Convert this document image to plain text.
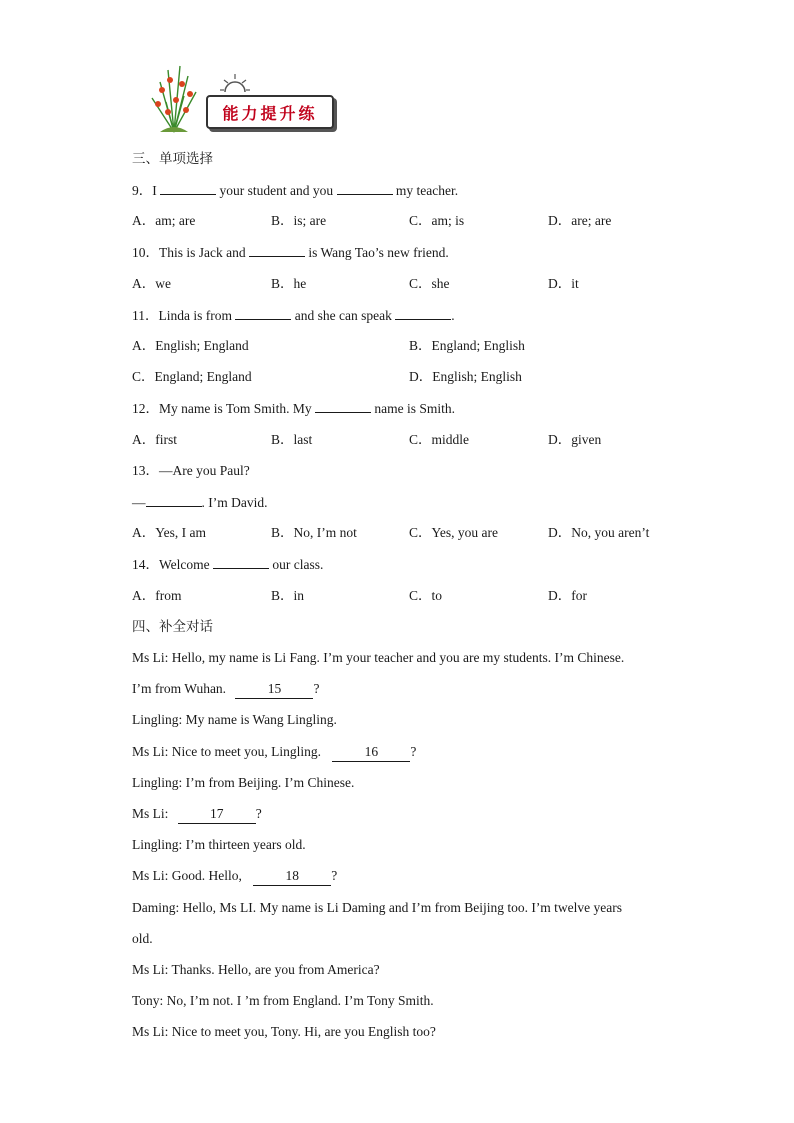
能力提升练
三、单项选择
9．I	your student and you	my teacher.
A．am; are	B．is; are	C．am; is	D．are; are
10．This is Jack and	is Wang Tao’s new friend.
A．we	B．he	C．she	D．it
11．Linda is from	and she can speak	.
A．English; England	B．England; English
C．England; England	D．English; English
12．My name is Tom Smith. My	name is Smith.
A．first	B．last	C．middle	D．given
13．—Are you Paul?
—	. I’m David.
A．Yes, I am	B．No, I’m not	C．Yes, you are	D．No, you aren’t
14．Welcome	our class.
A．from	B．in	C．to	D．for
四、补全对话
Ms Li: Hello, my name is Li Fang. I’m your teacher and you are my students. I’m Chinese.
I’m from Wuhan.	15 ?
Lingling: My name is Wang Lingling.
Ms Li: Nice to meet you, Lingling.	16 ?
Lingling: I’m from Beijing. I’m Chinese.
Ms Li:	17 ?
Lingling: I’m thirteen years old.
Ms Li: Good. Hello,	18 ?
Daming: Hello, Ms LI. My name is Li Daming and I’m from Beijing too. I’m twelve years
old.
Ms Li: Thanks. Hello, are you from America?
Tony: No, I’m not. I ’m from England. I’m Tony Smith.
Ms Li: Nice to meet you, Tony. Hi, are you English too?
